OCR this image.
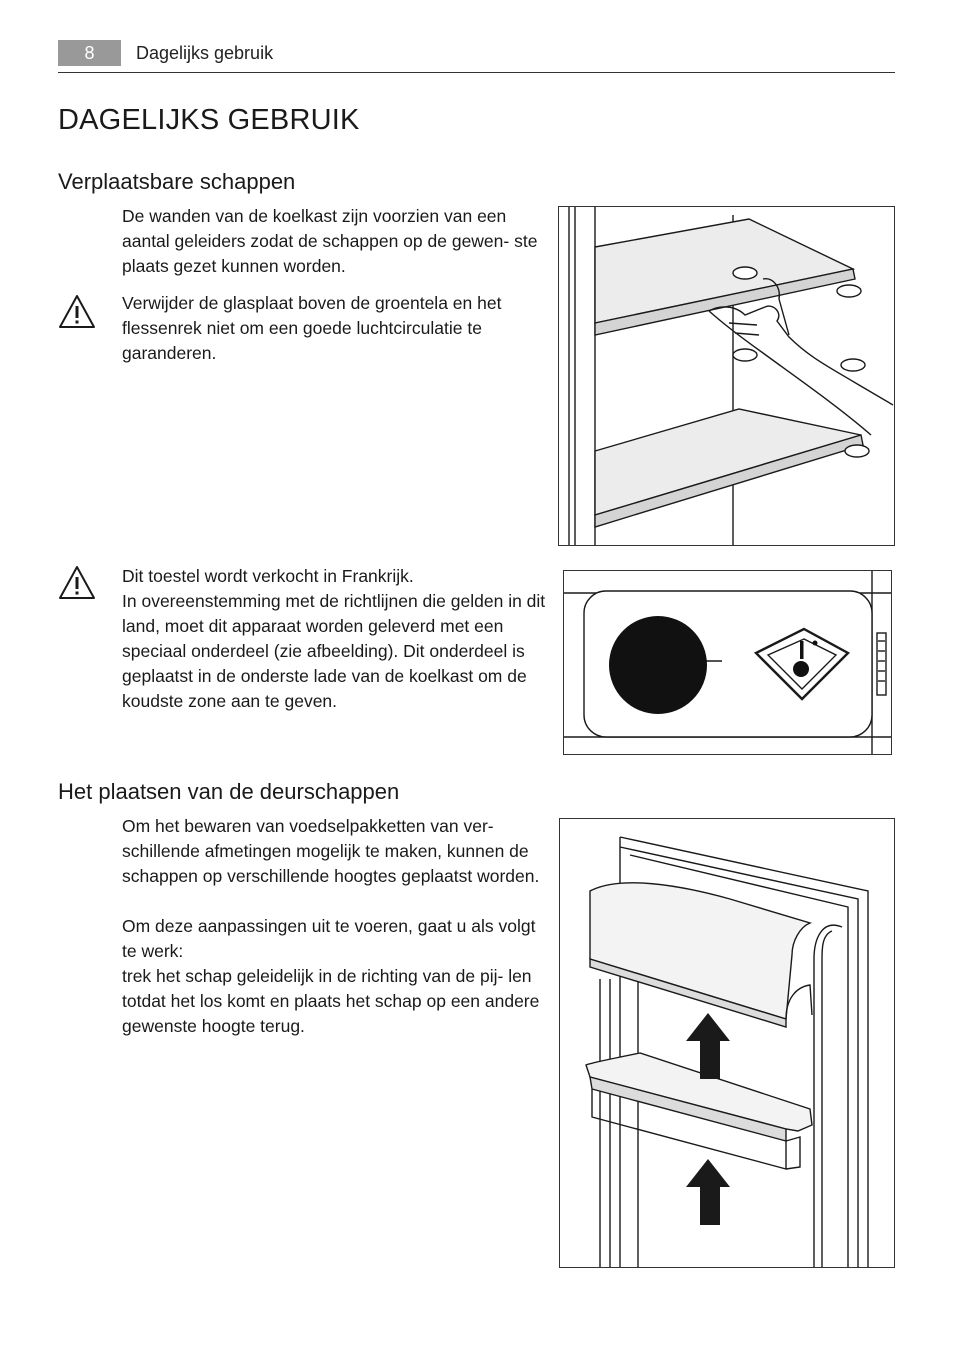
8	Dagelijks gebruik
DAGELIJKS GEBRUIK
Verplaatsbare schappen

De wanden van de koelkast zijn voorzien van een aantal geleiders zodat de schappen op de gewen- ste plaats gezet kunnen worden.

Verwijder de glasplaat boven de groentela en het flessenrek niet om een goede luchtcirculatie te garanderen.

Dit toestel wordt verkocht in Frankrijk.
In overeenstemming met de richtlijnen die gelden in dit land, moet dit apparaat worden geleverd met een speciaal onderdeel (zie afbeelding). Dit onderdeel is geplaatst in de onderste lade van de koelkast om de koudste zone aan te geven.

Het plaatsen van de deurschappen

Om het bewaren van voedselpakketten van ver- schillende afmetingen mogelijk te maken, kunnen de schappen op verschillende hoogtes geplaatst worden.

Om deze aanpassingen uit te voeren, gaat u als volgt te werk:

trek het schap geleidelijk in de richting van de pij- len totdat het los komt en plaats het schap op een andere gewenste hoogte terug.
